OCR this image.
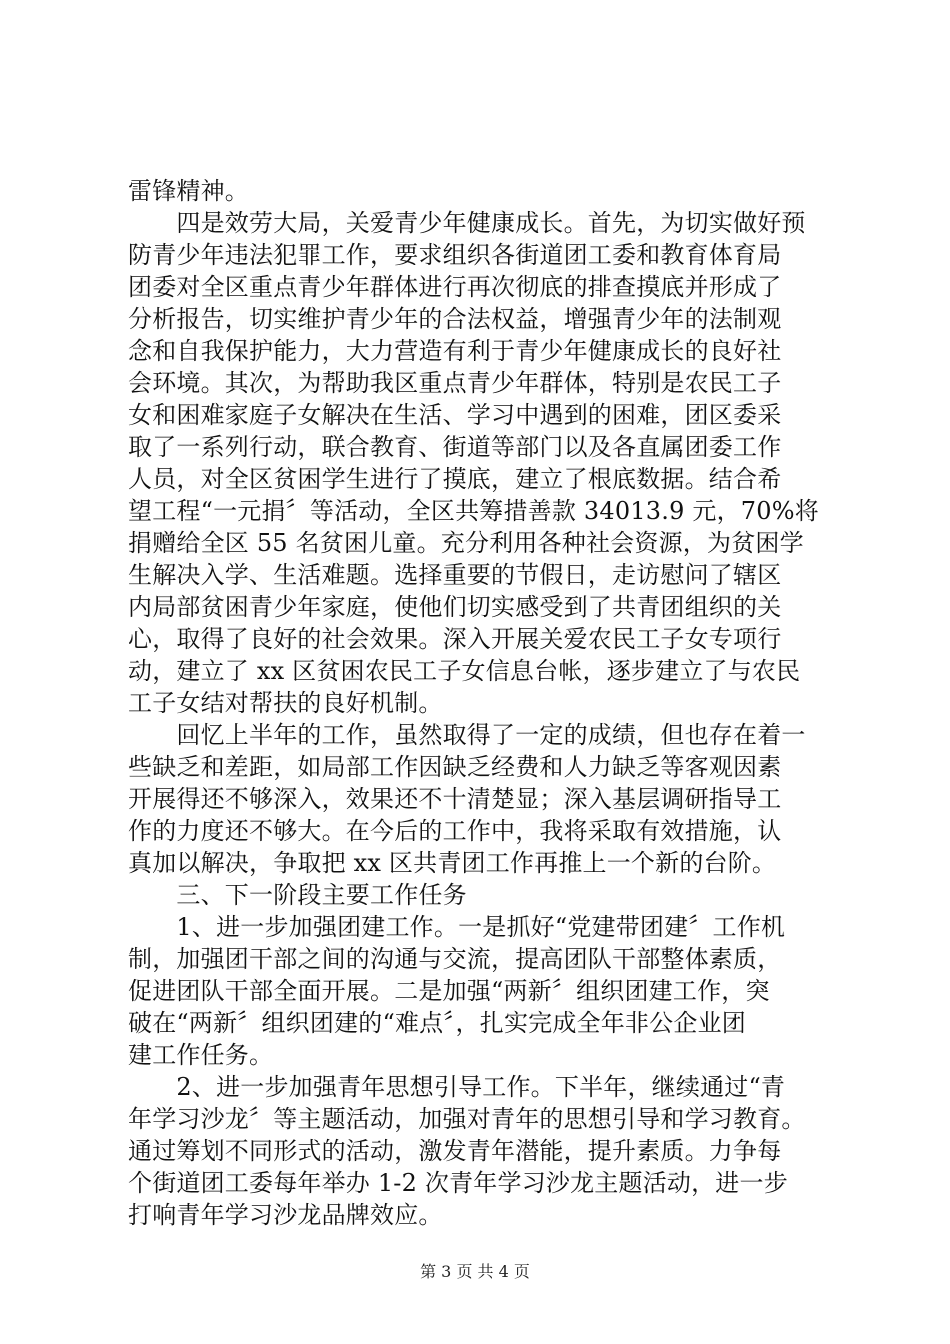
雷锋精神。
　　四是效劳大局，关爱青少年健康成长。首先，为切实做好预
防青少年违法犯罪工作，要求组织各街道团工委和教育体育局
团委对全区重点青少年群体进行再次彻底的排查摸底并形成了
分析报告，切实维护青少年的合法权益，增强青少年的法制观
念和自我保护能力，大力营造有利于青少年健康成长的良好社
会环境。其次，为帮助我区重点青少年群体，特别是农民工子
女和困难家庭子女解决在生活、学习中遇到的困难，团区委采
取了一系列行动，联合教育、街道等部门以及各直属团委工作
人员，对全区贫困学生进行了摸底，建立了根底数据。结合希
望工程“一元捐〞等活动，全区共筹措善款 34013.9 元，70%将
捐赠给全区 55 名贫困儿童。充分利用各种社会资源，为贫困学
生解决入学、生活难题。选择重要的节假日，走访慰问了辖区
内局部贫困青少年家庭，使他们切实感受到了共青团组织的关
心，取得了良好的社会效果。深入开展关爱农民工子女专项行
动，建立了 xx 区贫困农民工子女信息台帐，逐步建立了与农民
工子女结对帮扶的良好机制。
　　回忆上半年的工作，虽然取得了一定的成绩，但也存在着一
些缺乏和差距，如局部工作因缺乏经费和人力缺乏等客观因素
开展得还不够深入，效果还不十清楚显；深入基层调研指导工
作的力度还不够大。在今后的工作中，我将采取有效措施，认
真加以解决，争取把 xx 区共青团工作再推上一个新的台阶。
　　三、下一阶段主要工作任务
　　1、进一步加强团建工作。一是抓好“党建带团建〞工作机
制，加强团干部之间的沟通与交流，提高团队干部整体素质，
促进团队干部全面开展。二是加强“两新〞组织团建工作，突
破在“两新〞组织团建的“难点〞，扎实完成全年非公企业团
建工作任务。
　　2、进一步加强青年思想引导工作。下半年，继续通过“青
年学习沙龙〞等主题活动，加强对青年的思想引导和学习教育。
通过筹划不同形式的活动，激发青年潜能，提升素质。力争每
个街道团工委每年举办 1-2 次青年学习沙龙主题活动，进一步
打响青年学习沙龙品牌效应。
第 3 页 共 4 页
